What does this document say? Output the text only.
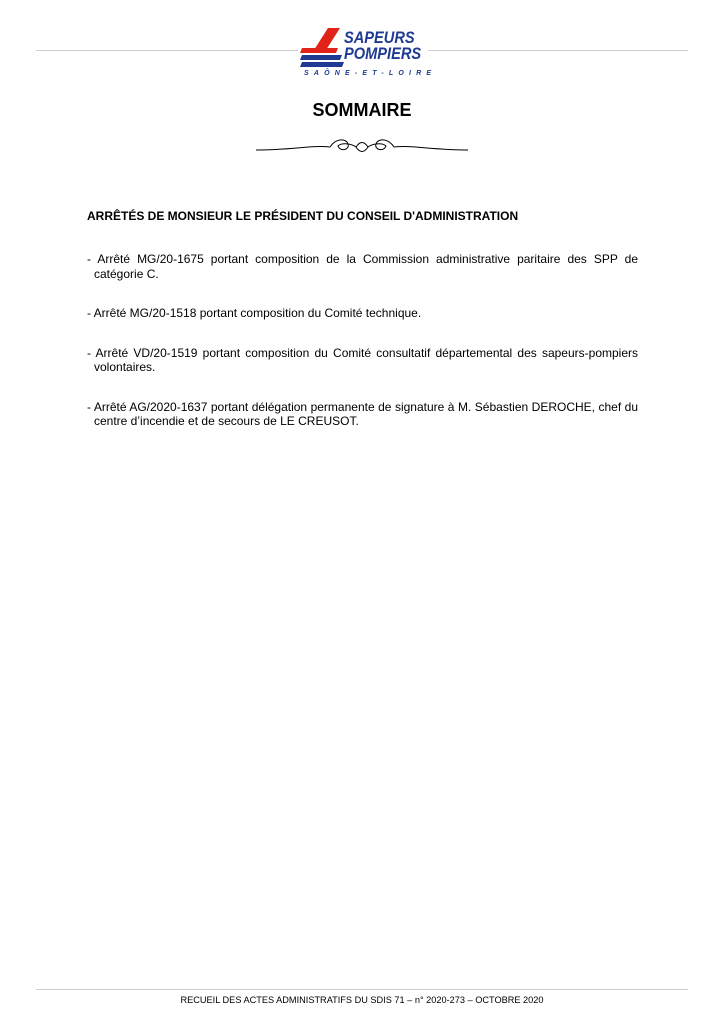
SAPEURS
POMPIERS
SAÔNE-ET-LOIRE
SOMMAIRE
ARRÊTÉS DE MONSIEUR LE PRÉSIDENT DU CONSEIL D'ADMINISTRATION

- Arrêté MG/20-1675 portant composition de la Commission administrative paritaire des SPP de catégorie C.

- Arrêté MG/20-1518 portant composition du Comité technique.

- Arrêté VD/20-1519 portant composition du Comité consultatif départemental des sapeurs-pompiers volontaires.

- Arrêté AG/2020-1637 portant délégation permanente de signature à M. Sébastien DEROCHE, chef du centre d’incendie et de secours de LE CREUSOT.

RECUEIL DES ACTES ADMINISTRATIFS DU SDIS 71 – n° 2020-273 – OCTOBRE 2020
